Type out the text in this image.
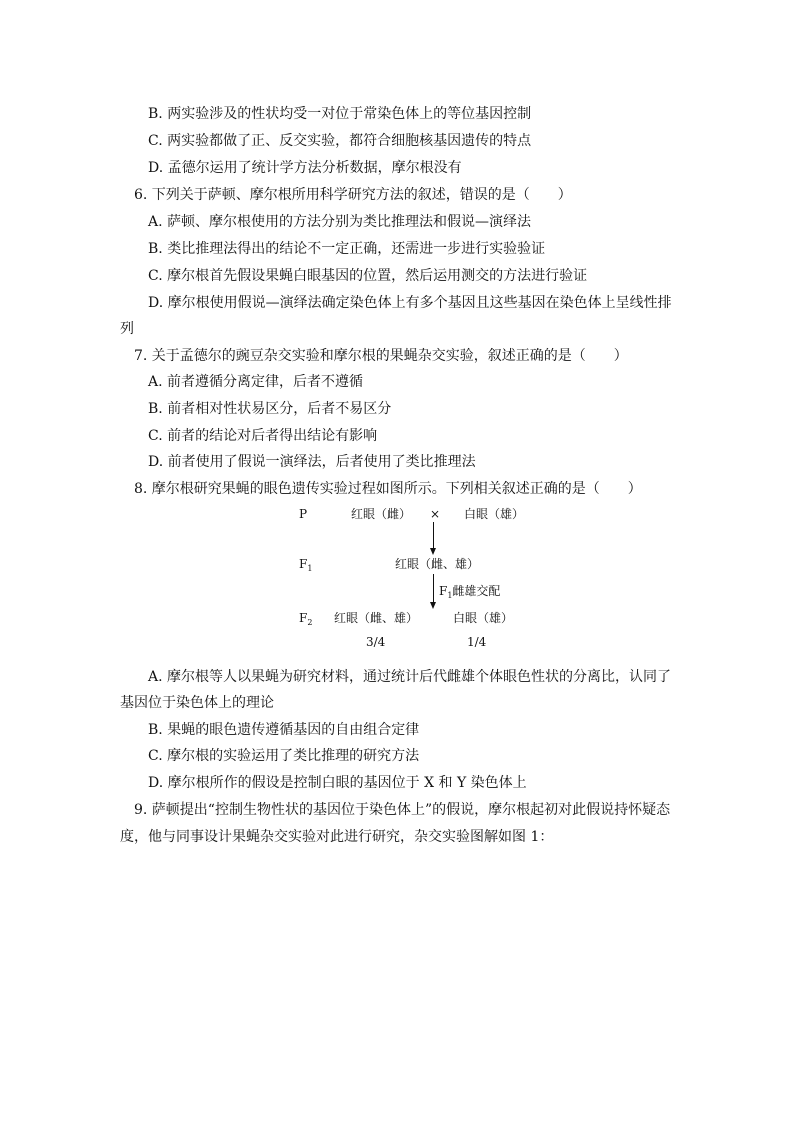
B. 两实验涉及的性状均受一对位于常染色体上的等位基因控制
C. 两实验都做了正、反交实验，都符合细胞核基因遗传的特点
D. 孟德尔运用了统计学方法分析数据，摩尔根没有
6. 下列关于萨顿、摩尔根所用科学研究方法的叙述，错误的是（　　）
A. 萨顿、摩尔根使用的方法分别为类比推理法和假说—演绎法
B. 类比推理法得出的结论不一定正确，还需进一步进行实验验证
C. 摩尔根首先假设果蝇白眼基因的位置，然后运用测交的方法进行验证
D. 摩尔根使用假说—演绎法确定染色体上有多个基因且这些基因在染色体上呈线性排
列
7. 关于孟德尔的豌豆杂交实验和摩尔根的果蝇杂交实验，叙述正确的是（　　）
A. 前者遵循分离定律，后者不遵循
B. 前者相对性状易区分，后者不易区分
C. 前者的结论对后者得出结论有影响
D. 前者使用了假说一演绎法，后者使用了类比推理法
8. 摩尔根研究果蝇的眼色遗传实验过程如图所示。下列相关叙述正确的是（　　）
P	红眼（雌） × 白眼（雄）
$F_1$	红眼（雌、雄）
$F_1$雌雄交配
$F_2$ 红眼（雌、雄）	白眼（雄）
3/4	1/4
A. 摩尔根等人以果蝇为研究材料，通过统计后代雌雄个体眼色性状的分离比，认同了
基因位于染色体上的理论
B. 果蝇的眼色遗传遵循基因的自由组合定律
C. 摩尔根的实验运用了类比推理的研究方法
D. 摩尔根所作的假设是控制白眼的基因位于 X 和 Y 染色体上
9. 萨顿提出“控制生物性状的基因位于染色体上”的假说，摩尔根起初对此假说持怀疑态
度，他与同事设计果蝇杂交实验对此进行研究，杂交实验图解如图 1：
